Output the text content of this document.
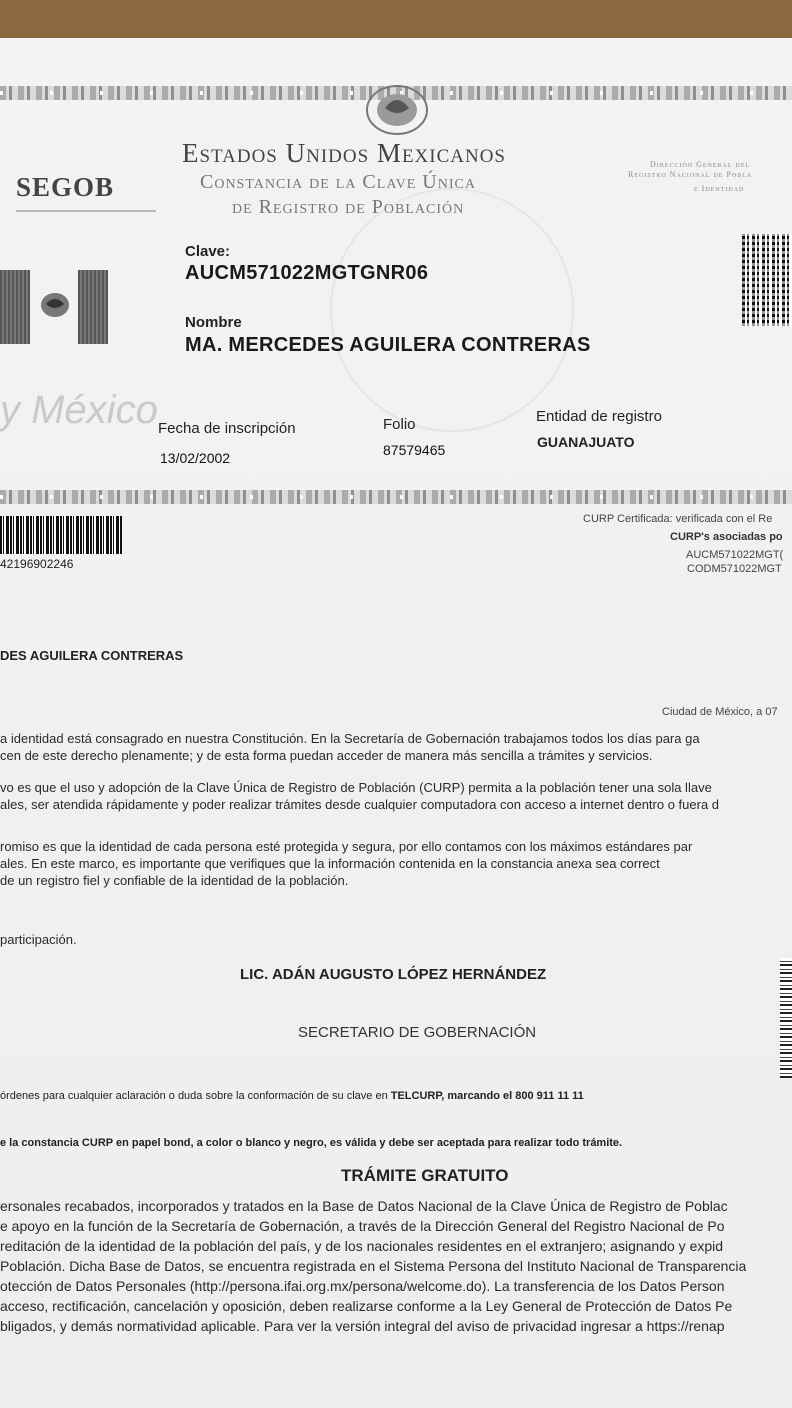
Estados Unidos Mexicanos
Constancia de la Clave Única
de Registro de Población
SEGOB
Dirección General del
Registro Nacional de Pobla
e Identidad
y México
Clave:
AUCM571022MGTGNR06
Nombre
MA. MERCEDES AGUILERA CONTRERAS
Fecha de inscripción
13/02/2002
Folio
87579465
Entidad de registro
GUANAJUATO
42196902246
CURP Certificada: verificada con el Re
CURP's asociadas po
AUCM571022MGT(
CODM571022MGT
DES AGUILERA CONTRERAS
Ciudad de México, a 07
a identidad está consagrado en nuestra Constitución. En la Secretaría de Gobernación trabajamos todos los días para ga
cen de este derecho plenamente; y de esta forma puedan acceder de manera más sencilla a trámites y servicios.
vo es que el uso y adopción de la Clave Única de Registro de Población (CURP) permita a la población tener una sola llave
ales, ser atendida rápidamente y poder realizar trámites desde cualquier computadora con acceso a internet dentro o fuera d
romiso es que la identidad de cada persona esté protegida y segura, por ello contamos con los máximos estándares par
ales. En este marco, es importante que verifiques que la información contenida en la constancia anexa sea correct
de un registro fiel y confiable de la identidad de la población.
participación.
LIC. ADÁN AUGUSTO LÓPEZ HERNÁNDEZ
SECRETARIO DE GOBERNACIÓN
órdenes para cualquier aclaración o duda sobre la conformación de su clave en TELCURP, marcando el 800 911 11 11
e la constancia CURP en papel bond, a color o blanco y negro, es válida y debe ser aceptada para realizar todo trámite.
TRÁMITE GRATUITO
ersonales recabados, incorporados y tratados en la Base de Datos Nacional de la Clave Única de Registro de Poblac
e apoyo en la función de la Secretaría de Gobernación, a través de la Dirección General del Registro Nacional de Po
reditación de la identidad de la población del país, y de los nacionales residentes en el extranjero; asignando y expid
Población. Dicha Base de Datos, se encuentra registrada en el Sistema Persona del Instituto Nacional de Transparencia
otección de Datos Personales (http://persona.ifai.org.mx/persona/welcome.do). La transferencia de los Datos Person
acceso, rectificación, cancelación y oposición, deben realizarse conforme a la Ley General de Protección de Datos Pe
bligados, y demás normatividad aplicable. Para ver la versión integral del aviso de privacidad ingresar a https://renap
